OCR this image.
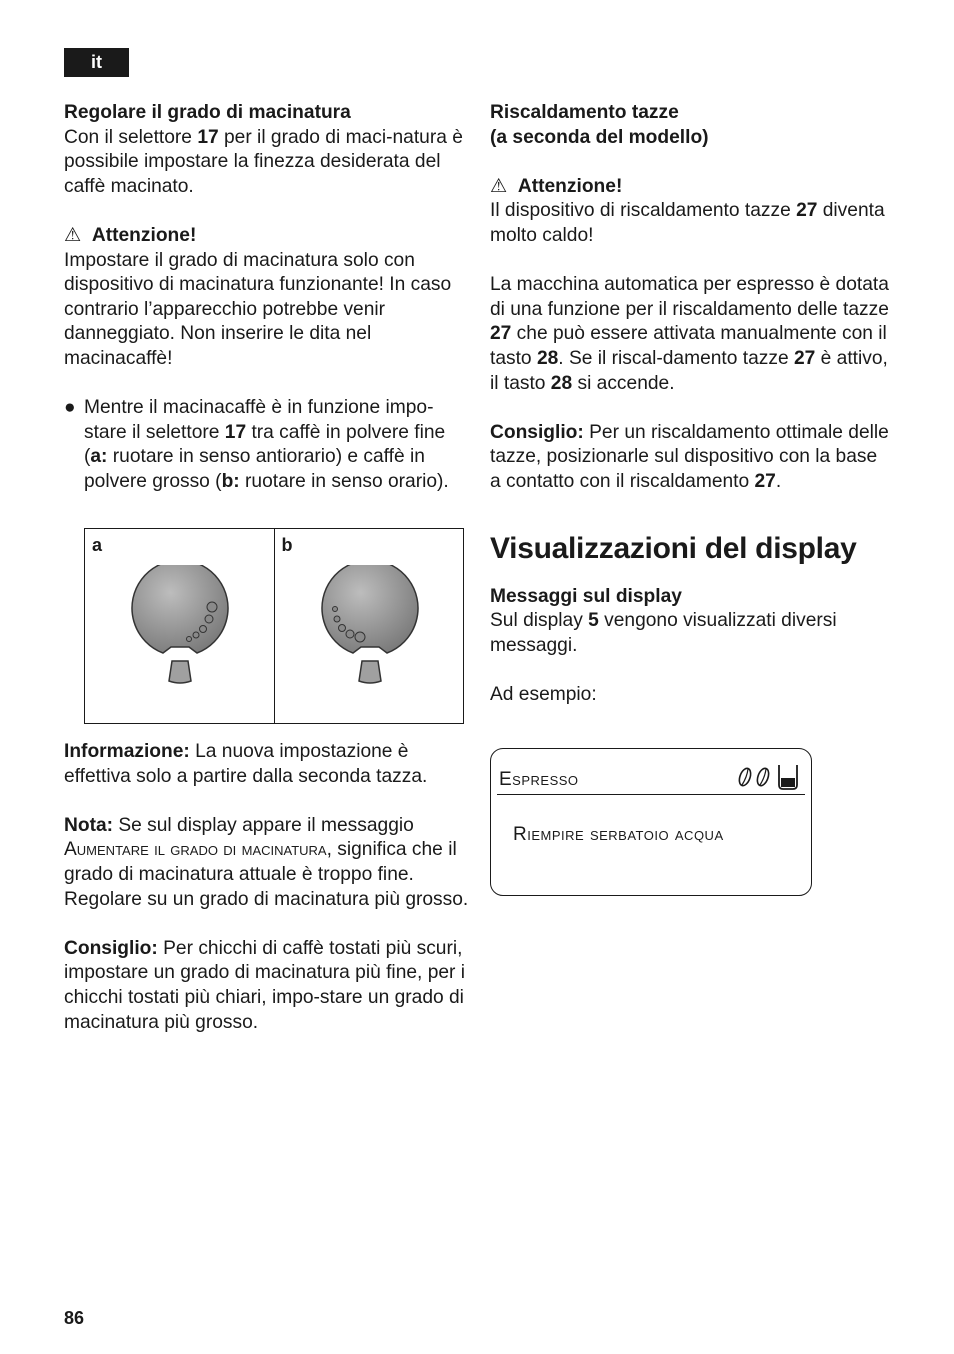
it

Regolare il grado di macinatura

Con il selettore 17 per il grado di maci-natura è possibile impostare la finezza desiderata del caffè macinato.

⚠ Attenzione!

Impostare il grado di macinatura solo con dispositivo di macinatura funzionante! In caso contrario l’apparecchio potrebbe venir danneggiato. Non inserire le dita nel macinacaffè!

● Mentre il macinacaffè è in funzione impo-stare il selettore 17 tra caffè in polvere fine (a: ruotare in senso antiorario) e caffè in polvere grosso (b: ruotare in senso orario).

a	b

Informazione: La nuova impostazione è effettiva solo a partire dalla seconda tazza.

Nota: Se sul display appare il messaggio
Aumentare il grado di macinatura, significa che il grado di macinatura attuale è troppo fine. Regolare su un grado di macinatura più grosso.

Consiglio: Per chicchi di caffè tostati più scuri, impostare un grado di macinatura più fine, per i chicchi tostati più chiari, impo-stare un grado di macinatura più grosso.

Riscaldamento tazze
(a seconda del modello)

⚠ Attenzione!

Il dispositivo di riscaldamento tazze 27 diventa molto caldo!

La macchina automatica per espresso è dotata di una funzione per il riscaldamento delle tazze 27 che può essere attivata manualmente con il tasto 28. Se il riscal-damento tazze 27 è attivo, il tasto 28 si accende.

Consiglio: Per un riscaldamento ottimale delle tazze, posizionarle sul dispositivo con la base a contatto con il riscaldamento 27.

Visualizzazioni del display

Messaggi sul display

Sul display 5 vengono visualizzati diversi messaggi.

Ad esempio:

Espresso
Riempire serbatoio acqua
86
